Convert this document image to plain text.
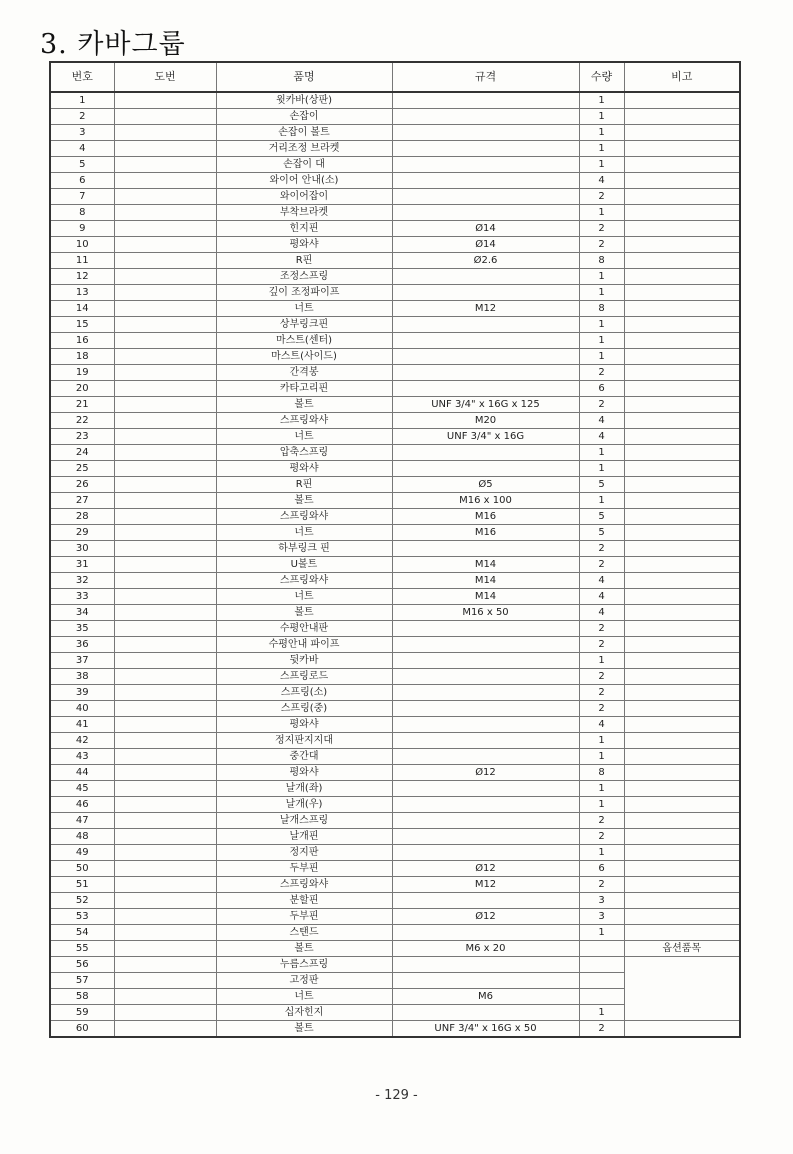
3. 카바그룹
번호	도번	품명	규격	수량	비고
1		윗카바(상판)		1	
2		손잡이		1	
3		손잡이 볼트		1	
4		거리조정 브라켓		1	
5		손잡이 대		1	
6		와이어 안내(소)		4	
7		와이어잡이		2	
8		부착브라켓		1	
9		힌지핀	Ø14	2	
10		평와샤	Ø14	2	
11		R핀	Ø2.6	8	
12		조정스프링		1	
13		깊이 조정파이프		1	
14		너트	M12	8	
15		상부링크핀		1	
16		마스트(센터)		1	
18		마스트(사이드)		1	
19		간격봉		2	
20		카타고리핀		6	
21		볼트	UNF 3/4" x 16G x 125	2	
22		스프링와샤	M20	4	
23		너트	UNF 3/4" x 16G	4	
24		압축스프링		1	
25		평와샤		1	
26		R핀	Ø5	5	
27		볼트	M16 x 100	1	
28		스프링와샤	M16	5	
29		너트	M16	5	
30		하부링크 핀		2	
31		U볼트	M14	2	
32		스프링와샤	M14	4	
33		너트	M14	4	
34		볼트	M16 x 50	4	
35		수평안내판		2	
36		수평안내 파이프		2	
37		뒷카바		1	
38		스프링로드		2	
39		스프링(소)		2	
40		스프링(중)		2	
41		평와샤		4	
42		정지판지지대		1	
43		중간대		1	
44		평와샤	Ø12	8	
45		날개(좌)		1	
46		날개(우)		1	
47		날개스프링		2	
48		날개핀		2	
49		정지판		1	
50		두부핀	Ø12	6	
51		스프링와샤	M12	2	
52		분할핀		3	
53		두부핀	Ø12	3	
54		스탠드		1	
55		볼트	M6 x 20		옵션품목
56		누름스프링			
57		고정판			
58		너트	M6		
59		십자힌지		1	
60		볼트	UNF 3/4" x 16G x 50	2	
- 129 -
